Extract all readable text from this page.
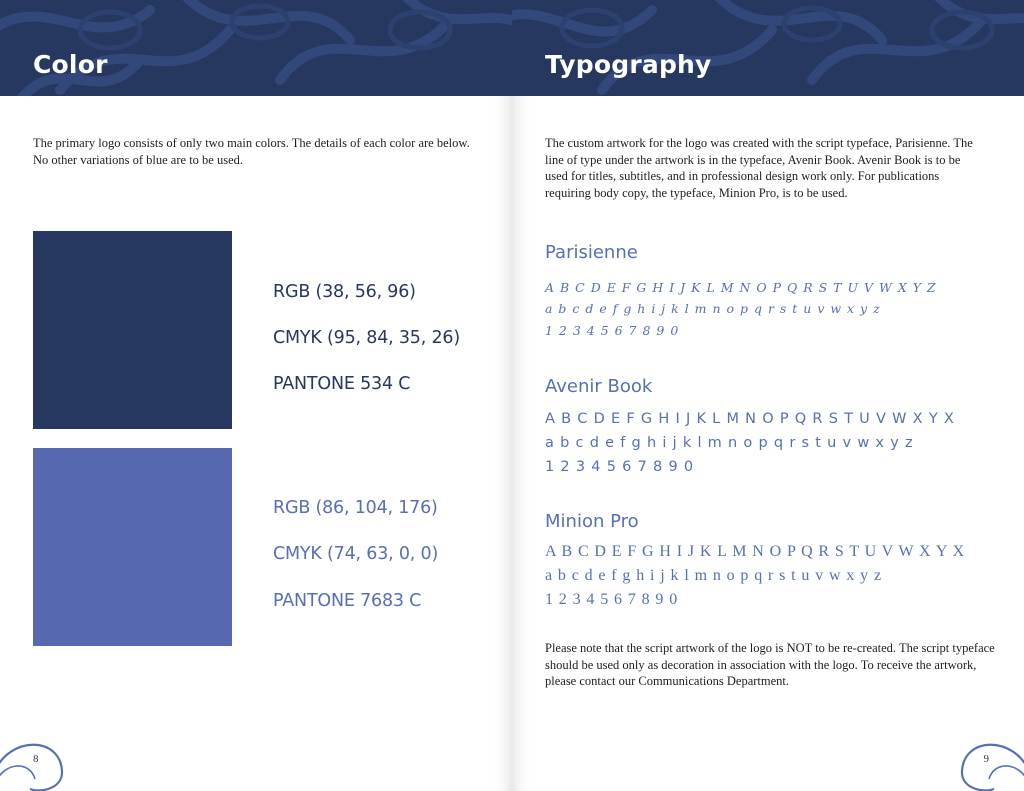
Color
The primary logo consists of only two main colors. The details of each color are below. No other variations of blue are to be used.
RGB (38, 56, 96)
CMYK (95, 84, 35, 26)
PANTONE 534 C
RGB (86, 104, 176)
CMYK (74, 63, 0, 0)
PANTONE 7683 C
8
Typography
The custom artwork for the logo was created with the script typeface, Parisienne. The line of type under the artwork is in the typeface, Avenir Book. Avenir Book is to be used for titles, subtitles, and in professional design work only. For publications requiring body copy, the typeface, Minion Pro, is to be used.
Parisienne
A B C D E F G H I J K L M N O P Q R S T U V W X Y Z
a b c d e f g h i j k l m n o p q r s t u v w x y z
1 2 3 4 5 6 7 8 9 0
Avenir Book
A B C D E F G H I J K L M N O P Q R S T U V W X Y X
a b c d e f g h i j k l m n o p q r s t u v w x y z
1 2 3 4 5 6 7 8 9 0
Minion Pro
A B C D E F G H I J K L M N O P Q R S T U V W X Y X
a b c d e f g h i j k l m n o p q r s t u v w x y z
1 2 3 4 5 6 7 8 9 0
Please note that the script artwork of the logo is NOT to be re-created. The script typeface should be used only as decoration in association with the logo. To receive the artwork, please contact our Communications Department.
9
